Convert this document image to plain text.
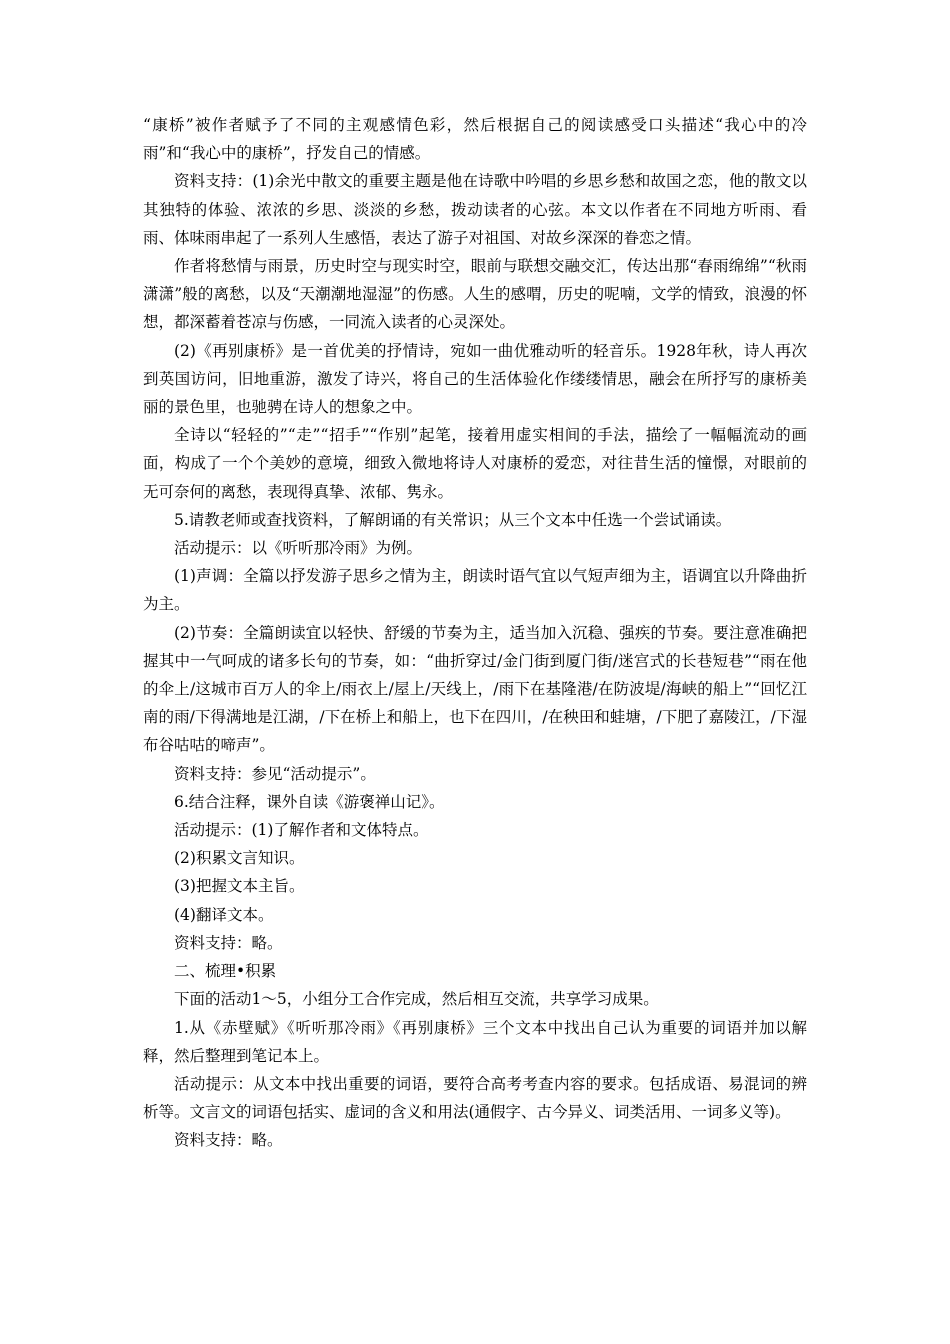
“康桥”被作者赋予了不同的主观感情色彩，然后根据自己的阅读感受口头描述“我心中的冷雨”和“我心中的康桥”，抒发自己的情感。

资料支持：(1)余光中散文的重要主题是他在诗歌中吟唱的乡思乡愁和故国之恋，他的散文以其独特的体验、浓浓的乡思、淡淡的乡愁，拨动读者的心弦。本文以作者在不同地方听雨、看雨、体味雨串起了一系列人生感悟，表达了游子对祖国、对故乡深深的眷恋之情。

作者将愁情与雨景，历史时空与现实时空，眼前与联想交融交汇，传达出那“春雨绵绵”“秋雨潇潇”般的离愁，以及“天潮潮地湿湿”的伤感。人生的感喟，历史的呢喃，文学的情致，浪漫的怀想，都深蓄着苍凉与伤感，一同流入读者的心灵深处。

(2)《再别康桥》是一首优美的抒情诗，宛如一曲优雅动听的轻音乐。1928年秋，诗人再次到英国访问，旧地重游，激发了诗兴，将自己的生活体验化作缕缕情思，融会在所抒写的康桥美丽的景色里，也驰骋在诗人的想象之中。

全诗以“轻轻的”“走”“招手”“作别”起笔，接着用虚实相间的手法，描绘了一幅幅流动的画面，构成了一个个美妙的意境，细致入微地将诗人对康桥的爱恋，对往昔生活的憧憬，对眼前的无可奈何的离愁，表现得真挚、浓郁、隽永。

5.请教老师或查找资料，了解朗诵的有关常识；从三个文本中任选一个尝试诵读。

活动提示：以《听听那冷雨》为例。

(1)声调：全篇以抒发游子思乡之情为主，朗读时语气宜以气短声细为主，语调宜以升降曲折为主。

(2)节奏：全篇朗读宜以轻快、舒缓的节奏为主，适当加入沉稳、强疾的节奏。要注意准确把握其中一气呵成的诸多长句的节奏，如：“曲折穿过/金门街到厦门街/迷宫式的长巷短巷”“雨在他的伞上/这城市百万人的伞上/雨衣上/屋上/天线上，/雨下在基隆港/在防波堤/海峡的船上”“回忆江南的雨/下得满地是江湖，/下在桥上和船上，也下在四川，/在秧田和蛙塘，/下肥了嘉陵江，/下湿布谷咕咕的啼声”。

资料支持：参见“活动提示”。

6.结合注释，课外自读《游褒禅山记》。

活动提示：(1)了解作者和文体特点。

(2)积累文言知识。

(3)把握文本主旨。

(4)翻译文本。

资料支持：略。

二、梳理•积累

下面的活动1～5，小组分工合作完成，然后相互交流，共享学习成果。

1.从《赤壁赋》《听听那冷雨》《再别康桥》三个文本中找出自己认为重要的词语并加以解释，然后整理到笔记本上。

活动提示：从文本中找出重要的词语，要符合高考考查内容的要求。包括成语、易混词的辨析等。文言文的词语包括实、虚词的含义和用法(通假字、古今异义、词类活用、一词多义等)。

资料支持：略。
